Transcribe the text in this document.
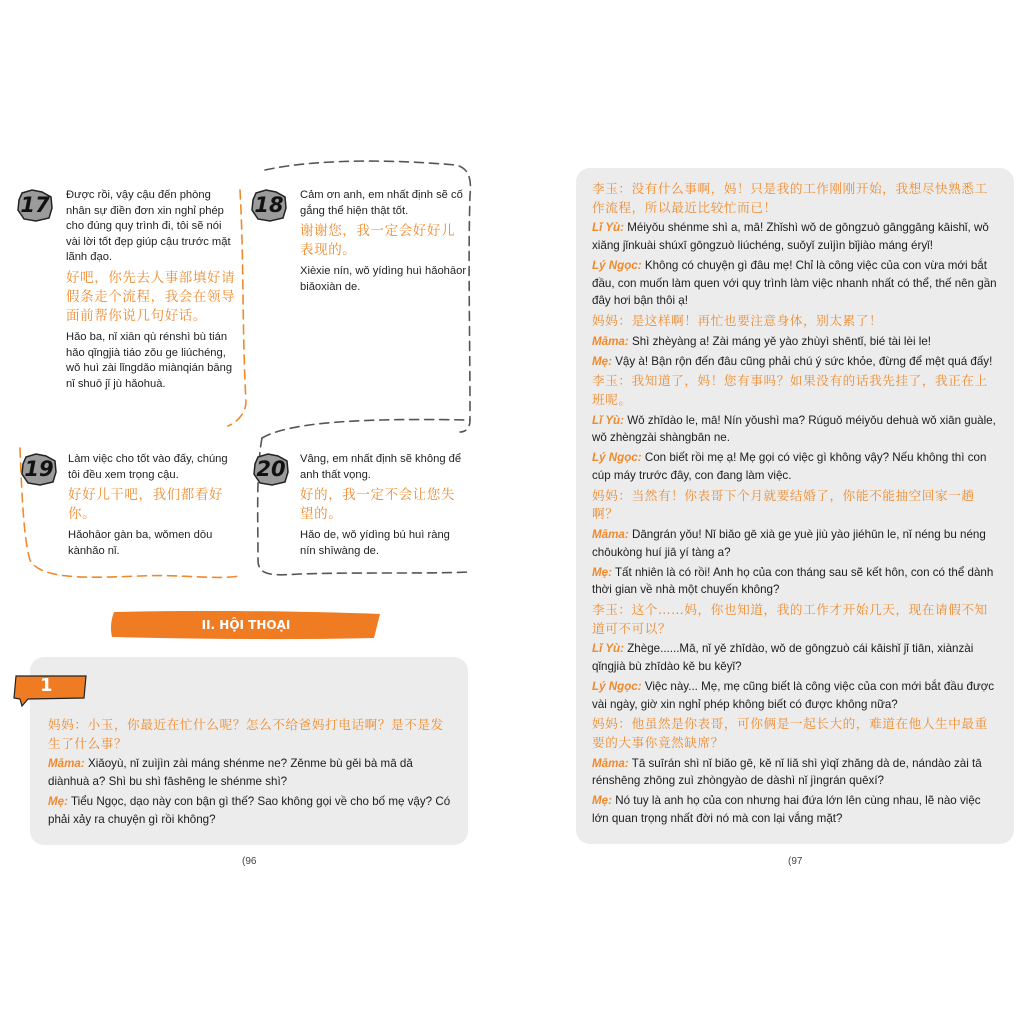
17	Được rồi, vậy cậu đến phòng nhân sự điền đơn xin nghỉ phép cho đúng quy trình đi, tôi sẽ nói vài lời tốt đẹp giúp cậu trước mặt lãnh đạo.
好吧，你先去人事部填好请假条走个流程，我会在领导面前帮你说几句好话。
Hǎo ba, nǐ xiān qù rénshì bù tián hǎo qǐngjià tiáo zǒu ge liúchéng, wǒ huì zài lǐngdǎo miànqián bāng nǐ shuō jǐ jù hǎohuà.
18	Cảm ơn anh, em nhất định sẽ cố gắng thể hiện thật tốt.
谢谢您，我一定会好好儿表现的。
Xièxie nín, wǒ yídìng huì hǎohāor biǎoxiàn de.
19	Làm việc cho tốt vào đấy, chúng tôi đều xem trọng cậu.
好好儿干吧，我们都看好你。
Hǎohāor gàn ba, wǒmen dōu kànhǎo nǐ.
20	Vâng, em nhất định sẽ không để anh thất vọng.
好的，我一定不会让您失望的。
Hǎo de, wǒ yídìng bú huì ràng nín shīwàng de.
II. HỘI THOẠI
1
妈妈：小玉，你最近在忙什么呢？怎么不给爸妈打电话啊？是不是发生了什么事？
Māma: Xiǎoyù, nǐ zuìjìn zài máng shénme ne? Zěnme bù gěi bà mā dǎ diànhuà a? Shì bu shì fāshēng le shénme shì?
Mẹ: Tiểu Ngọc, dạo này con bận gì thế? Sao không gọi về cho bố mẹ vậy? Có phải xảy ra chuyện gì rồi không?
(96
李玉：没有什么事啊，妈！只是我的工作刚刚开始，我想尽快熟悉工作流程，所以最近比较忙而已！
Lǐ Yù: Méiyǒu shénme shì a, mā! Zhǐshì wǒ de gōngzuò gānggāng kāishǐ, wǒ xiǎng jǐnkuài shúxī gōngzuò liúchéng, suǒyǐ zuìjìn bǐjiào máng éryǐ!
Lý Ngọc: Không có chuyện gì đâu mẹ! Chỉ là công việc của con vừa mới bắt đầu, con muốn làm quen với quy trình làm việc nhanh nhất có thể, thế nên gần đây hơi bận thôi ạ!
妈妈：是这样啊！再忙也要注意身体，别太累了！
Māma: Shì zhèyàng a! Zài máng yě yào zhùyì shēntǐ, bié tài lèi le!
Mẹ: Vậy à! Bận rộn đến đâu cũng phải chú ý sức khỏe, đừng để mệt quá đấy!
李玉：我知道了，妈！您有事吗？如果没有的话我先挂了，我正在上班呢。
Lǐ Yù: Wǒ zhīdào le, mā! Nín yǒushì ma? Rúguǒ méiyǒu dehuà wǒ xiān guàle, wǒ zhèngzài shàngbān ne.
Lý Ngọc: Con biết rồi mẹ ạ! Mẹ gọi có việc gì không vậy? Nếu không thì con cúp máy trước đây, con đang làm việc.
妈妈：当然有！你表哥下个月就要结婚了，你能不能抽空回家一趟啊？
Māma: Dāngrán yǒu! Nǐ biǎo gē xià ge yuè jiù yào jiéhūn le, nǐ néng bu néng chōukòng huí jiā yí tàng a?
Mẹ: Tất nhiên là có rồi! Anh họ của con tháng sau sẽ kết hôn, con có thể dành thời gian về nhà một chuyến không?
李玉：这个……妈，你也知道，我的工作才开始几天，现在请假不知道可不可以？
Lǐ Yù: Zhège......Mā, nǐ yě zhīdào, wǒ de gōngzuò cái kāishǐ jǐ tiān, xiànzài qǐngjià bù zhīdào kě bu kěyǐ?
Lý Ngọc: Việc này... Mẹ, mẹ cũng biết là công việc của con mới bắt đầu được vài ngày, giờ xin nghỉ phép không biết có được không nữa?
妈妈：他虽然是你表哥，可你俩是一起长大的，难道在他人生中最重要的大事你竟然缺席？
Māma: Tā suīrán shì nǐ biǎo gē, kě nǐ liǎ shì yìqǐ zhǎng dà de, nándào zài tā rénshēng zhōng zuì zhòngyào de dàshì nǐ jìngrán quēxí?
Mẹ: Nó tuy là anh họ của con nhưng hai đứa lớn lên cùng nhau, lẽ nào việc lớn quan trọng nhất đời nó mà con lại vắng mặt?
(97
